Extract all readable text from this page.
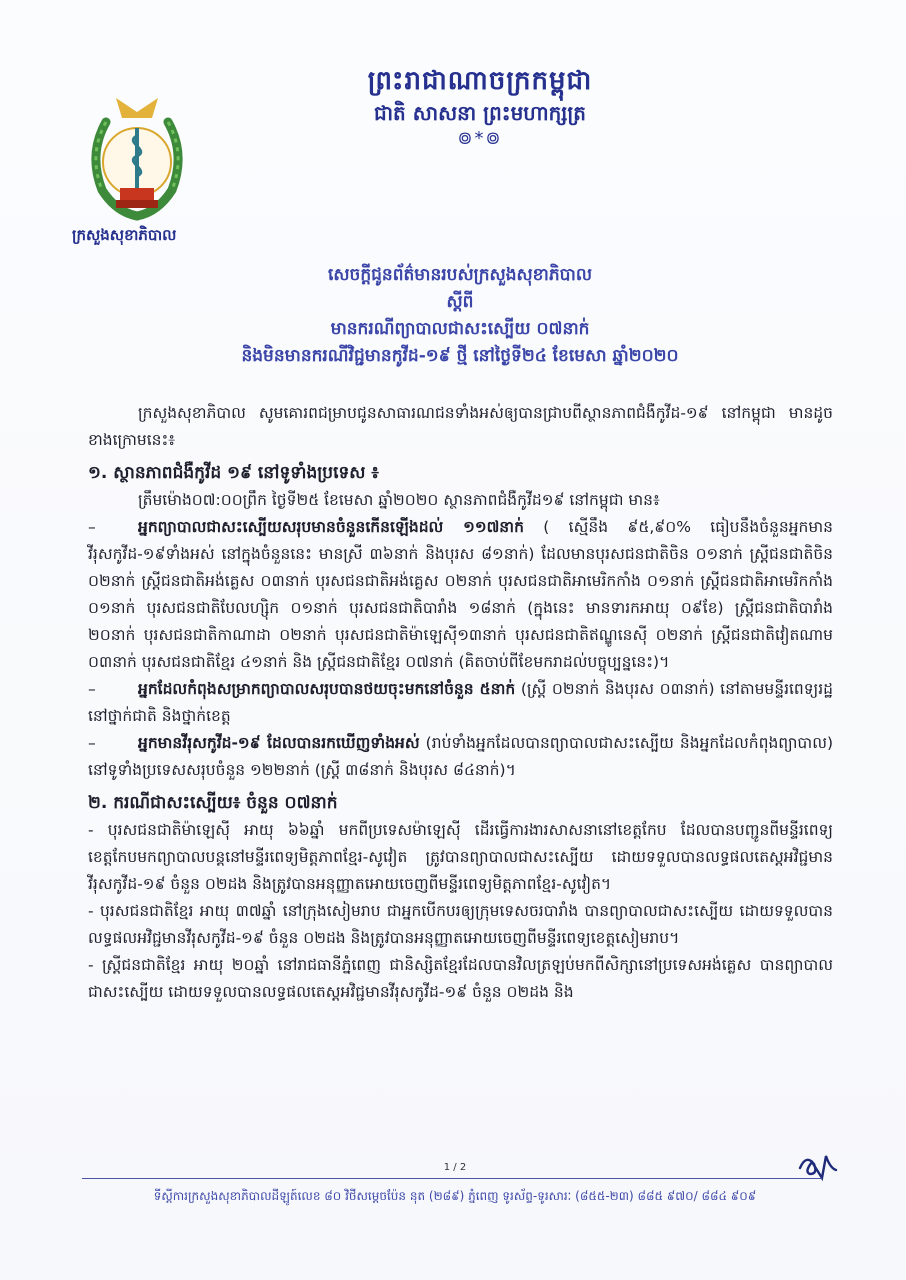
ព្រះរាជាណាចក្រកម្ពុជា
ជាតិ សាសនា ព្រះមហាក្សត្រ
៙*៙
ក្រសួងសុខាភិបាល
សេចក្តីជូនព័ត៌មានរបស់ក្រសួងសុខាភិបាល
ស្តីពី
មានករណីព្យាបាលជាសះស្បើយ ០៧នាក់
និងមិនមានករណីវិជ្ជមានកូវីដ-១៩ ថ្មី នៅថ្ងៃទី២៤ ខែមេសា ឆ្នាំ២០២០

ក្រសួងសុខាភិបាល សូមគោរពជម្រាបជូនសាធារណជនទាំងអស់ឲ្យបានជ្រាបពីស្ថានភាពជំងឺកូវីដ-១៩ នៅកម្ពុជា មានដូចខាងក្រោមនេះ៖

១. ស្ថានភាពជំងឺកូវីដ ១៩ នៅទូទាំងប្រទេស ៖

ត្រឹមម៉ោង០៧:០០ព្រឹក ថ្ងៃទី២៥ ខែមេសា ឆ្នាំ២០២០ ស្ថានភាពជំងឺកូវីដ១៩ នៅកម្ពុជា មាន៖

–	អ្នកព្យាបាលជាសះស្បើយសរុបមានចំនួនកើនឡើងដល់ ១១៧នាក់ ( ស្មើនឹង ៩៥,៩០% ធៀបនឹងចំនួនអ្នកមានវីរុសកូវីដ-១៩ទាំងអស់ នៅក្នុងចំនួននេះ មានស្រី ៣៦នាក់ និងបុរស ៨១នាក់) ដែលមានបុរសជនជាតិចិន ០១នាក់ ស្ត្រីជនជាតិចិន ០២នាក់ ស្ត្រីជនជាតិអង់គ្លេស ០៣នាក់ បុរសជនជាតិអង់គ្លេស ០២នាក់ បុរសជនជាតិអាមេរិកកាំង ០១នាក់ ស្ត្រីជនជាតិអាមេរិកកាំង ០១នាក់ បុរសជនជាតិបែលហ្ស៊ិក ០១នាក់ បុរសជនជាតិបារាំង ១៨នាក់ (ក្នុងនេះ មានទារកអាយុ ០៩ខែ) ស្ត្រីជនជាតិបារាំង ២០នាក់ បុរសជនជាតិកាណាដា ០២នាក់ បុរសជនជាតិម៉ាឡេស៊ី១៣នាក់ បុរសជនជាតិឥណ្ឌូនេស៊ី ០២នាក់ ស្ត្រីជនជាតិវៀតណាម ០៣នាក់ បុរសជនជាតិខ្មែរ ៤១នាក់ និង ស្ត្រីជនជាតិខ្មែរ ០៧នាក់ (គិតចាប់ពីខែមករាដល់បច្ចុប្បន្ននេះ)។

–	អ្នកដែលកំពុងសម្រាកព្យាបាលសរុបបានថយចុះមកនៅចំនួន ៥នាក់ (ស្ត្រី ០២នាក់ និងបុរស ០៣នាក់) នៅតាមមន្ទីរពេទ្យរដ្ឋនៅថ្នាក់ជាតិ និងថ្នាក់ខេត្ត

–	អ្នកមានវីរុសកូវីដ-១៩ ដែលបានរកឃើញទាំងអស់ (រាប់ទាំងអ្នកដែលបានព្យាបាលជាសះស្បើយ និងអ្នកដែលកំពុងព្យាបាល) នៅទូទាំងប្រទេសសរុបចំនួន ១២២នាក់ (ស្ត្រី ៣៨នាក់ និងបុរស ៨៤នាក់)។

២. ករណីជាសះស្បើយ៖ ចំនួន ០៧នាក់

- បុរសជនជាតិម៉ាឡេស៊ី អាយុ ៦៦ឆ្នាំ មកពីប្រទេសម៉ាឡេស៊ី ដើរធ្វើការងារសាសនានៅខេត្តកែប ដែលបានបញ្ជូនពីមន្ទីរពេទ្យខេត្តកែបមកព្យាបាលបន្តនៅមន្ទីរពេទ្យមិត្តភាពខ្មែរ-សូវៀត ត្រូវបានព្យាបាលជាសះស្បើយ ដោយទទួលបានលទ្ធផលតេស្តអវិជ្ជមានវីរុសកូវីដ-១៩ ចំនួន ០២ដង និងត្រូវបានអនុញ្ញាតអោយចេញពីមន្ទីរពេទ្យមិត្តភាពខ្មែរ-សូវៀត។

- បុរសជនជាតិខ្មែរ អាយុ ៣៧ឆ្នាំ នៅក្រុងសៀមរាប ជាអ្នកបើកបរឲ្យក្រុមទេសចរបារាំង បានព្យាបាលជាសះស្បើយ ដោយទទួលបានលទ្ធផលអវិជ្ជមានវីរុសកូវីដ-១៩ ចំនួន ០២ដង និងត្រូវបានអនុញ្ញាតអោយចេញពីមន្ទីរពេទ្យខេត្តសៀមរាប។

- ស្ត្រីជនជាតិខ្មែរ អាយុ ២០ឆ្នាំ នៅរាជធានីភ្នំពេញ ជានិស្សិតខ្មែរដែលបានវិលត្រឡប់មកពីសិក្សានៅប្រទេសអង់គ្លេស បានព្យាបាលជាសះស្បើយ ដោយទទួលបានលទ្ធផលតេស្តអវិជ្ជមានវីរុសកូវីដ-១៩ ចំនួន ០២ដង និង

1 / 2
ទីស្តីការក្រសួងសុខាភិបាលដីឡូត៍លេខ ៨០ វិថីសម្ដេចប៉ែន នុត (២៨៩) ភ្នំពេញ ទូរស័ព្ទ-ទូរសារៈ (៨៥៥-២៣) ៨៨៥ ៩៧០/ ៨៨៤ ៩០៩
